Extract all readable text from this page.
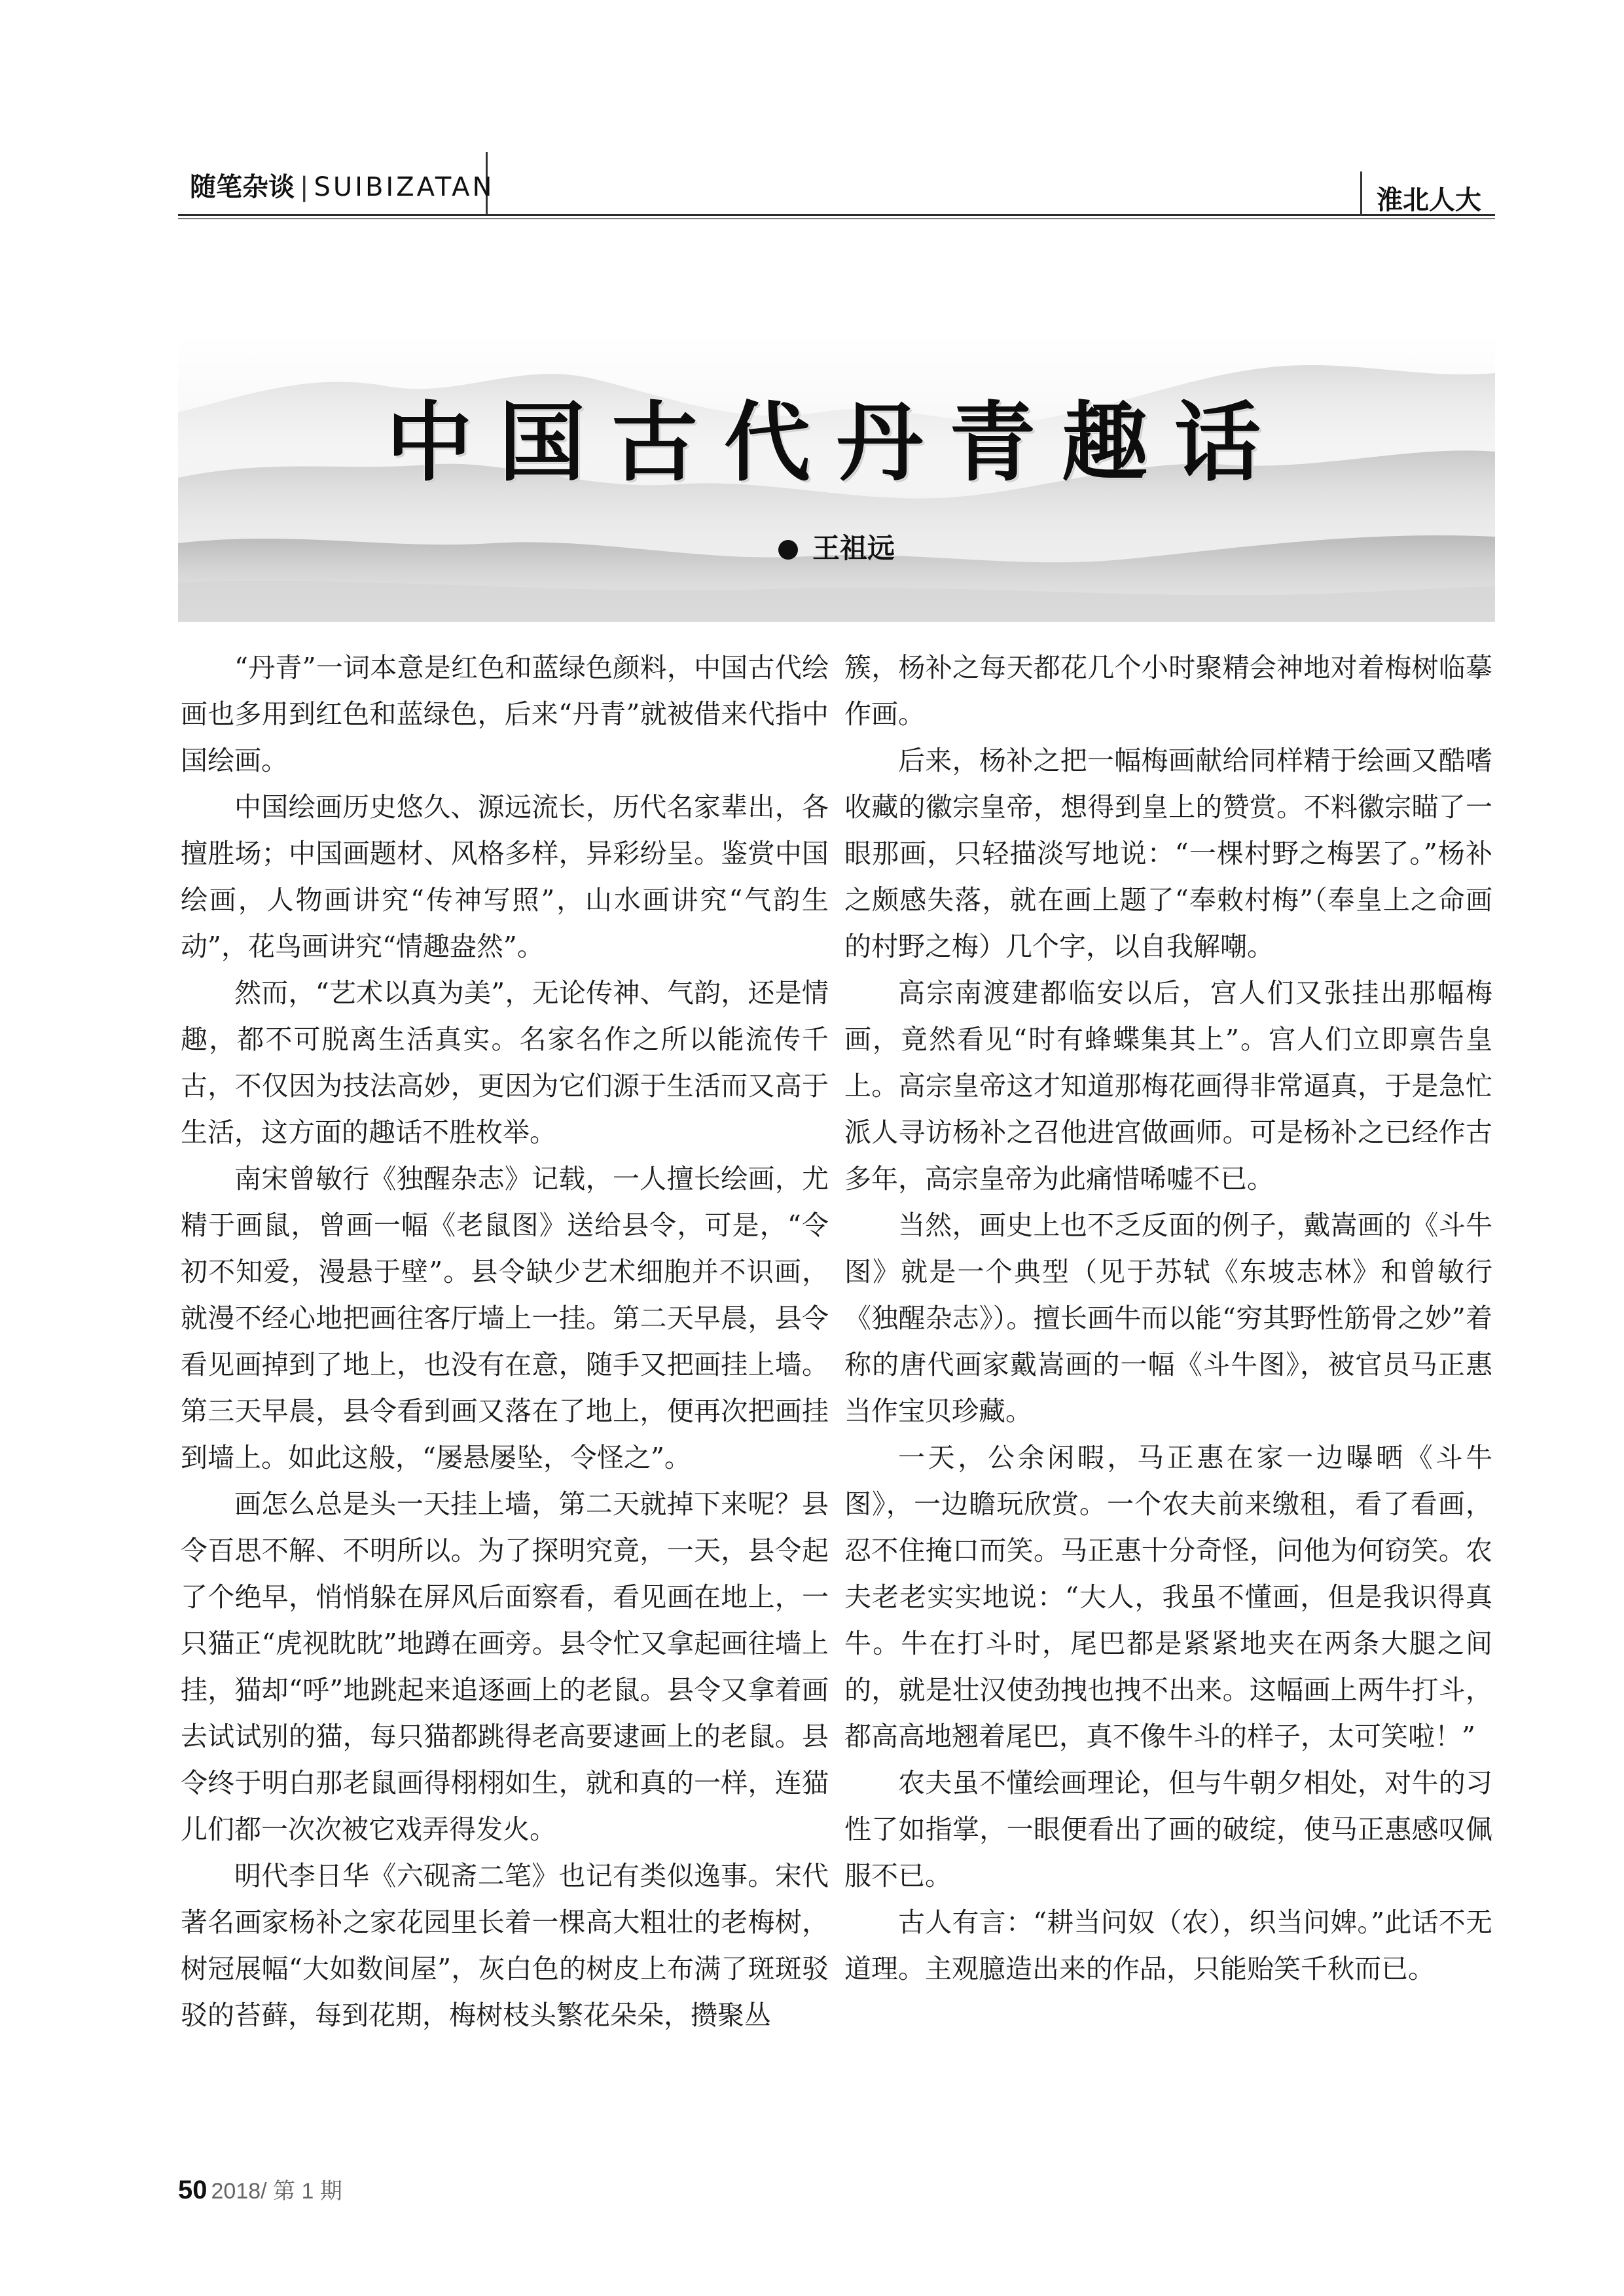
随笔杂谈 | SUIBIZATAN	淮北人大
中国古代丹青趣话
王祖远

“丹青”一词本意是红色和蓝绿色颜料，中国古代绘画也多用到红色和蓝绿色，后来“丹青”就被借来代指中国绘画。

中国绘画历史悠久、源远流长，历代名家辈出，各擅胜场；中国画题材、风格多样，异彩纷呈。鉴赏中国绘画，人物画讲究“传神写照”，山水画讲究“气韵生动”，花鸟画讲究“情趣盎然”。

然而，“艺术以真为美”，无论传神、气韵，还是情趣，都不可脱离生活真实。名家名作之所以能流传千古，不仅因为技法高妙，更因为它们源于生活而又高于生活，这方面的趣话不胜枚举。

南宋曾敏行《独醒杂志》记载，一人擅长绘画，尤精于画鼠，曾画一幅《老鼠图》送给县令，可是，“令初不知爱，漫悬于壁”。县令缺少艺术细胞并不识画，就漫不经心地把画往客厅墙上一挂。第二天早晨，县令看见画掉到了地上，也没有在意，随手又把画挂上墙。第三天早晨，县令看到画又落在了地上，便再次把画挂到墙上。如此这般，“屡悬屡坠，令怪之”。

画怎么总是头一天挂上墙，第二天就掉下来呢？县令百思不解、不明所以。为了探明究竟，一天，县令起了个绝早，悄悄躲在屏风后面察看，看见画在地上，一只猫正“虎视眈眈”地蹲在画旁。县令忙又拿起画往墙上挂，猫却“呼”地跳起来追逐画上的老鼠。县令又拿着画去试试别的猫，每只猫都跳得老高要逮画上的老鼠。县令终于明白那老鼠画得栩栩如生，就和真的一样，连猫儿们都一次次被它戏弄得发火。

明代李日华《六砚斋二笔》也记有类似逸事。宋代著名画家杨补之家花园里长着一棵高大粗壮的老梅树，树冠展幅“大如数间屋”，灰白色的树皮上布满了斑斑驳驳的苔藓，每到花期，梅树枝头繁花朵朵，攒聚丛

簇，杨补之每天都花几个小时聚精会神地对着梅树临摹作画。

后来，杨补之把一幅梅画献给同样精于绘画又酷嗜收藏的徽宗皇帝，想得到皇上的赞赏。不料徽宗瞄了一眼那画，只轻描淡写地说：“一棵村野之梅罢了。”杨补之颇感失落，就在画上题了“奉敕村梅”（奉皇上之命画的村野之梅）几个字，以自我解嘲。

高宗南渡建都临安以后，宫人们又张挂出那幅梅画，竟然看见“时有蜂蝶集其上”。宫人们立即禀告皇上。高宗皇帝这才知道那梅花画得非常逼真，于是急忙派人寻访杨补之召他进宫做画师。可是杨补之已经作古多年，高宗皇帝为此痛惜唏嘘不已。

当然，画史上也不乏反面的例子，戴嵩画的《斗牛图》就是一个典型（见于苏轼《东坡志林》和曾敏行《独醒杂志》）。擅长画牛而以能“穷其野性筋骨之妙”着称的唐代画家戴嵩画的一幅《斗牛图》，被官员马正惠当作宝贝珍藏。

一天，公余闲暇，马正惠在家一边曝晒《斗牛图》，一边瞻玩欣赏。一个农夫前来缴租，看了看画，忍不住掩口而笑。马正惠十分奇怪，问他为何窃笑。农夫老老实实地说：“大人，我虽不懂画，但是我识得真牛。牛在打斗时，尾巴都是紧紧地夹在两条大腿之间的，就是壮汉使劲拽也拽不出来。这幅画上两牛打斗，都高高地翘着尾巴，真不像牛斗的样子，太可笑啦！”

农夫虽不懂绘画理论，但与牛朝夕相处，对牛的习性了如指掌，一眼便看出了画的破绽，使马正惠感叹佩服不已。

古人有言：“耕当问奴（农），织当问婢。”此话不无道理。主观臆造出来的作品，只能贻笑千秋而已。

50 2018/ 第 1 期
